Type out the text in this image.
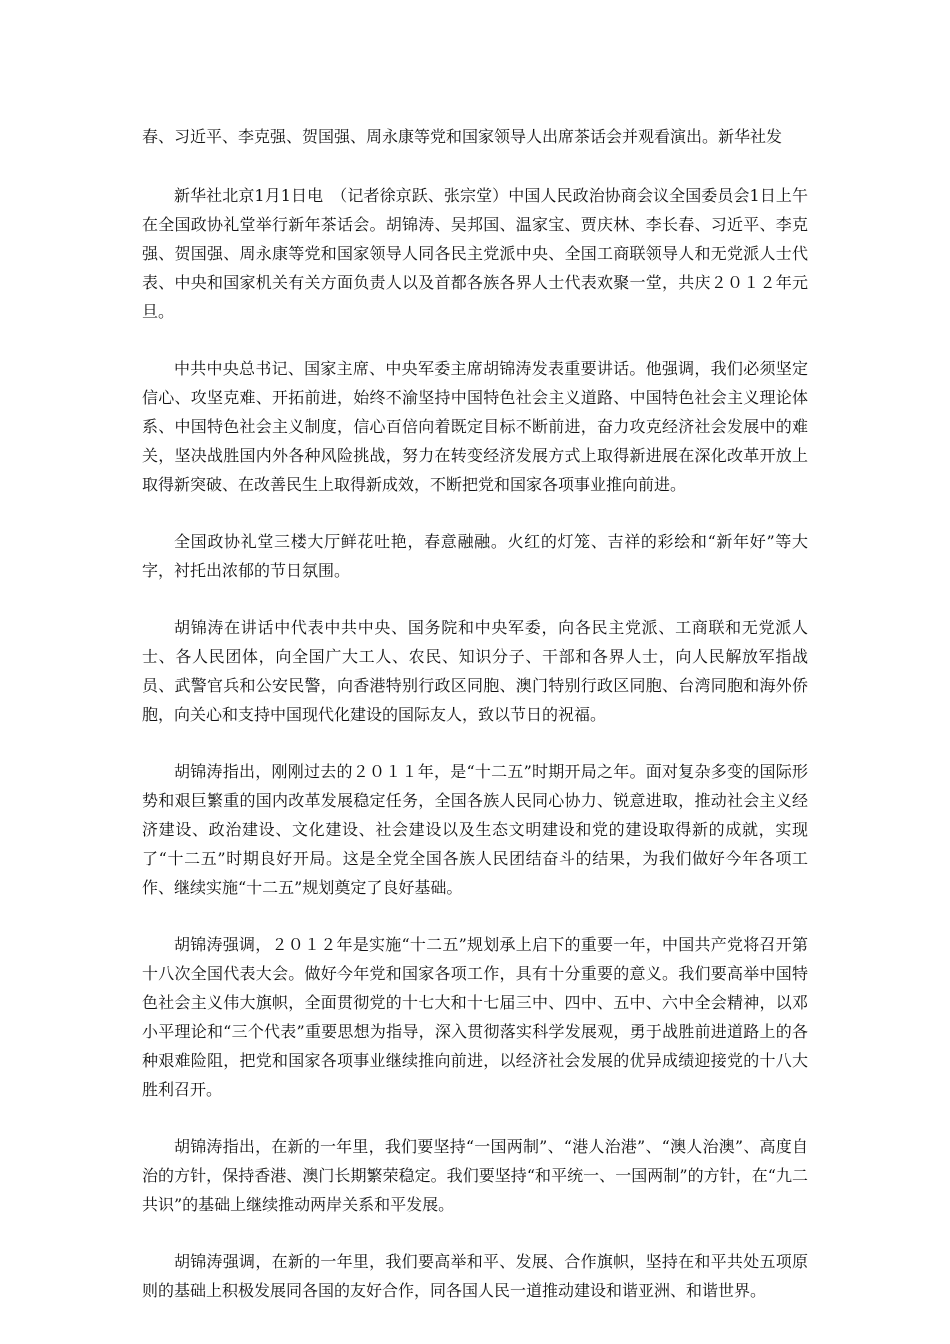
春、习近平、李克强、贺国强、周永康等党和国家领导人出席茶话会并观看演出。新华社发

新华社北京1月1日电　（记者徐京跃、张宗堂）中国人民政治协商会议全国委员会1日上午在全国政协礼堂举行新年茶话会。胡锦涛、吴邦国、温家宝、贾庆林、李长春、习近平、李克强、贺国强、周永康等党和国家领导人同各民主党派中央、全国工商联领导人和无党派人士代表、中央和国家机关有关方面负责人以及首都各族各界人士代表欢聚一堂，共庆２０１２年元旦。

中共中央总书记、国家主席、中央军委主席胡锦涛发表重要讲话。他强调，我们必须坚定信心、攻坚克难、开拓前进，始终不渝坚持中国特色社会主义道路、中国特色社会主义理论体系、中国特色社会主义制度，信心百倍向着既定目标不断前进，奋力攻克经济社会发展中的难关，坚决战胜国内外各种风险挑战，努力在转变经济发展方式上取得新进展在深化改革开放上取得新突破、在改善民生上取得新成效，不断把党和国家各项事业推向前进。

全国政协礼堂三楼大厅鲜花吐艳，春意融融。火红的灯笼、吉祥的彩绘和“新年好”等大字，衬托出浓郁的节日氛围。

胡锦涛在讲话中代表中共中央、国务院和中央军委，向各民主党派、工商联和无党派人士、各人民团体，向全国广大工人、农民、知识分子、干部和各界人士，向人民解放军指战员、武警官兵和公安民警，向香港特别行政区同胞、澳门特别行政区同胞、台湾同胞和海外侨胞，向关心和支持中国现代化建设的国际友人，致以节日的祝福。

胡锦涛指出，刚刚过去的２０１１年，是“十二五”时期开局之年。面对复杂多变的国际形势和艰巨繁重的国内改革发展稳定任务，全国各族人民同心协力、锐意进取，推动社会主义经济建设、政治建设、文化建设、社会建设以及生态文明建设和党的建设取得新的成就，实现了“十二五”时期良好开局。这是全党全国各族人民团结奋斗的结果，为我们做好今年各项工作、继续实施“十二五”规划奠定了良好基础。

胡锦涛强调，２０１２年是实施“十二五”规划承上启下的重要一年，中国共产党将召开第十八次全国代表大会。做好今年党和国家各项工作，具有十分重要的意义。我们要高举中国特色社会主义伟大旗帜，全面贯彻党的十七大和十七届三中、四中、五中、六中全会精神，以邓小平理论和“三个代表”重要思想为指导，深入贯彻落实科学发展观，勇于战胜前进道路上的各种艰难险阻，把党和国家各项事业继续推向前进，以经济社会发展的优异成绩迎接党的十八大胜利召开。

胡锦涛指出，在新的一年里，我们要坚持“一国两制”、“港人治港”、“澳人治澳”、高度自治的方针，保持香港、澳门长期繁荣稳定。我们要坚持“和平统一、一国两制”的方针，在“九二共识”的基础上继续推动两岸关系和平发展。

胡锦涛强调，在新的一年里，我们要高举和平、发展、合作旗帜，坚持在和平共处五项原则的基础上积极发展同各国的友好合作，同各国人民一道推动建设和谐亚洲、和谐世界。
